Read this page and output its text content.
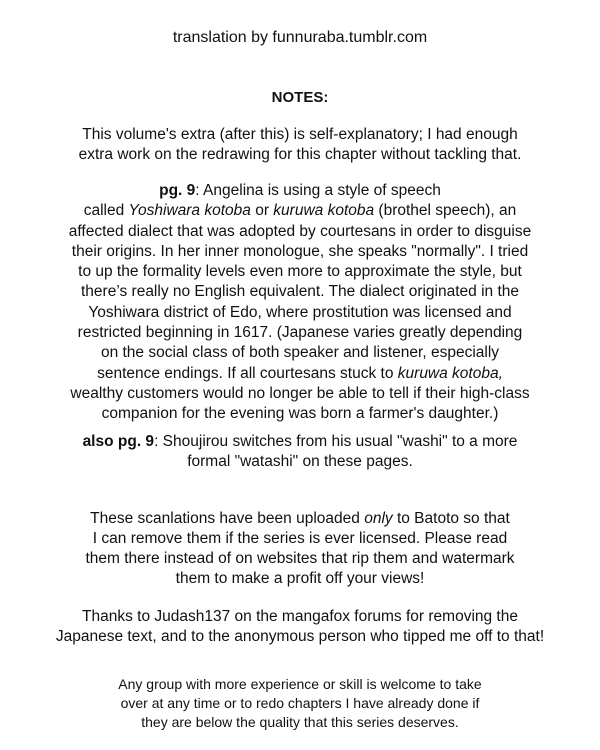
translation by funnuraba.tumblr.com
NOTES:
This volume's extra (after this) is self-explanatory; I had enough
extra work on the redrawing for this chapter without tackling that.
pg. 9: Angelina is using a style of speech
called Yoshiwara kotoba or kuruwa kotoba (brothel speech), an
affected dialect that was adopted by courtesans in order to disguise
their origins. In her inner monologue, she speaks "normally". I tried
to up the formality levels even more to approximate the style, but
there’s really no English equivalent. The dialect originated in the
Yoshiwara district of Edo, where prostitution was licensed and
restricted beginning in 1617. (Japanese varies greatly depending
on the social class of both speaker and listener, especially
sentence endings. If all courtesans stuck to kuruwa kotoba,
wealthy customers would no longer be able to tell if their high-class
companion for the evening was born a farmer's daughter.)
also pg. 9: Shoujirou switches from his usual "washi" to a more
formal "watashi" on these pages.
These scanlations have been uploaded only to Batoto so that
I can remove them if the series is ever licensed. Please read
them there instead of on websites that rip them and watermark
them to make a profit off your views!
Thanks to Judash137 on the mangafox forums for removing the
Japanese text, and to the anonymous person who tipped me off to that!
Any group with more experience or skill is welcome to take
over at any time or to redo chapters I have already done if
they are below the quality that this series deserves.
